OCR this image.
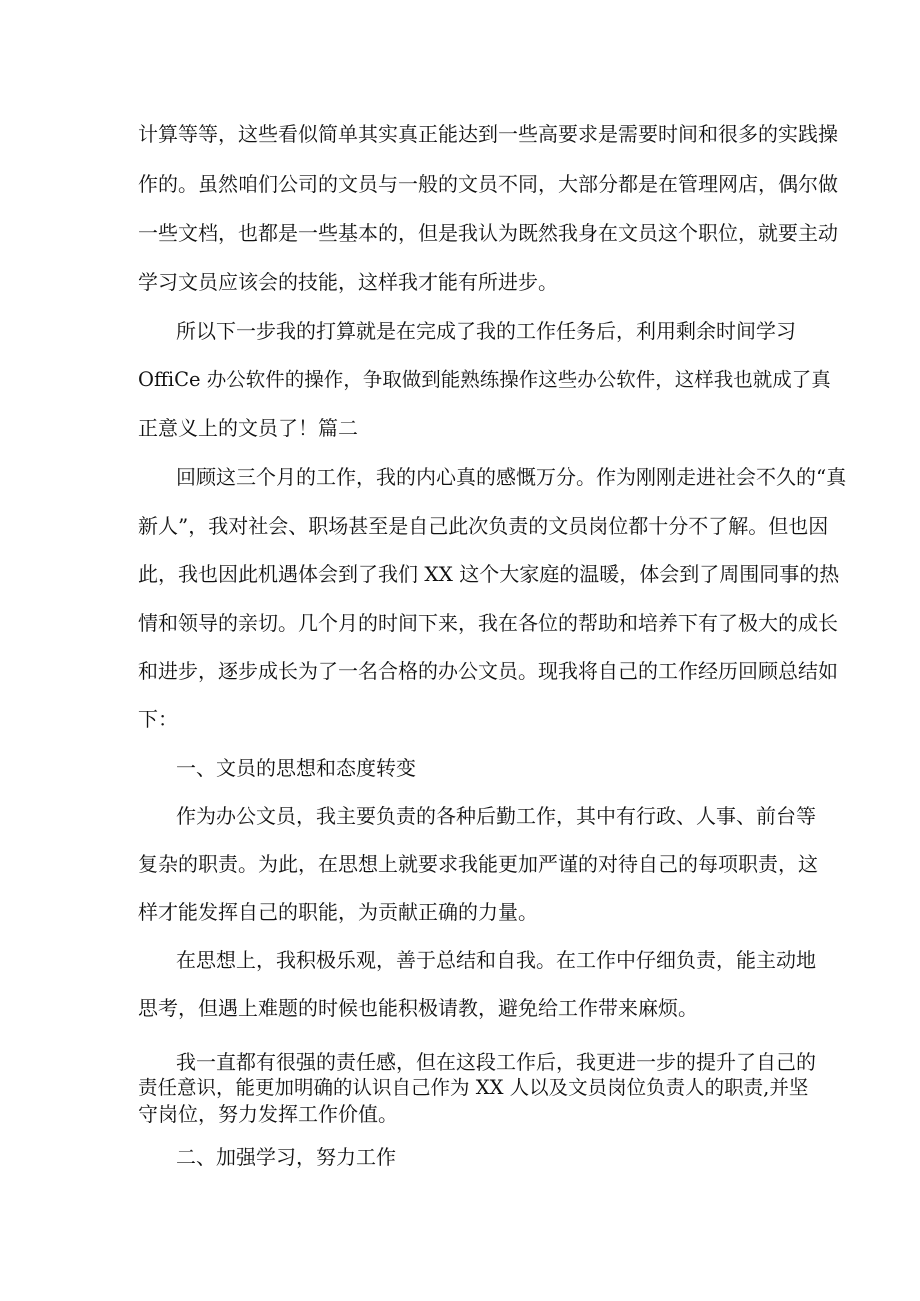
计算等等，这些看似简单其实真正能达到一些高要求是需要时间和很多的实践操
作的。虽然咱们公司的文员与一般的文员不同，大部分都是在管理网店，偶尔做
一些文档，也都是一些基本的，但是我认为既然我身在文员这个职位，就要主动
学习文员应该会的技能，这样我才能有所进步。
所以下一步我的打算就是在完成了我的工作任务后，利用剩余时间学习
OffiCe 办公软件的操作，争取做到能熟练操作这些办公软件，这样我也就成了真
正意义上的文员了！篇二
回顾这三个月的工作，我的内心真的感慨万分。作为刚刚走进社会不久的“真
新人”，我对社会、职场甚至是自己此次负责的文员岗位都十分不了解。但也因
此，我也因此机遇体会到了我们 XX 这个大家庭的温暖，体会到了周围同事的热
情和领导的亲切。几个月的时间下来，我在各位的帮助和培养下有了极大的成长
和进步，逐步成长为了一名合格的办公文员。现我将自己的工作经历回顾总结如
下：
一、文员的思想和态度转变
作为办公文员，我主要负责的各种后勤工作，其中有行政、人事、前台等
复杂的职责。为此，在思想上就要求我能更加严谨的对待自己的每项职责，这
样才能发挥自己的职能，为贡献正确的力量。
在思想上，我积极乐观，善于总结和自我。在工作中仔细负责，能主动地
思考，但遇上难题的时候也能积极请教，避免给工作带来麻烦。
我一直都有很强的责任感，但在这段工作后，我更进一步的提升了自己的
责任意识，能更加明确的认识自己作为 XX 人以及文员岗位负责人的职责,并坚
守岗位，努力发挥工作价值。
二、加强学习，努力工作
